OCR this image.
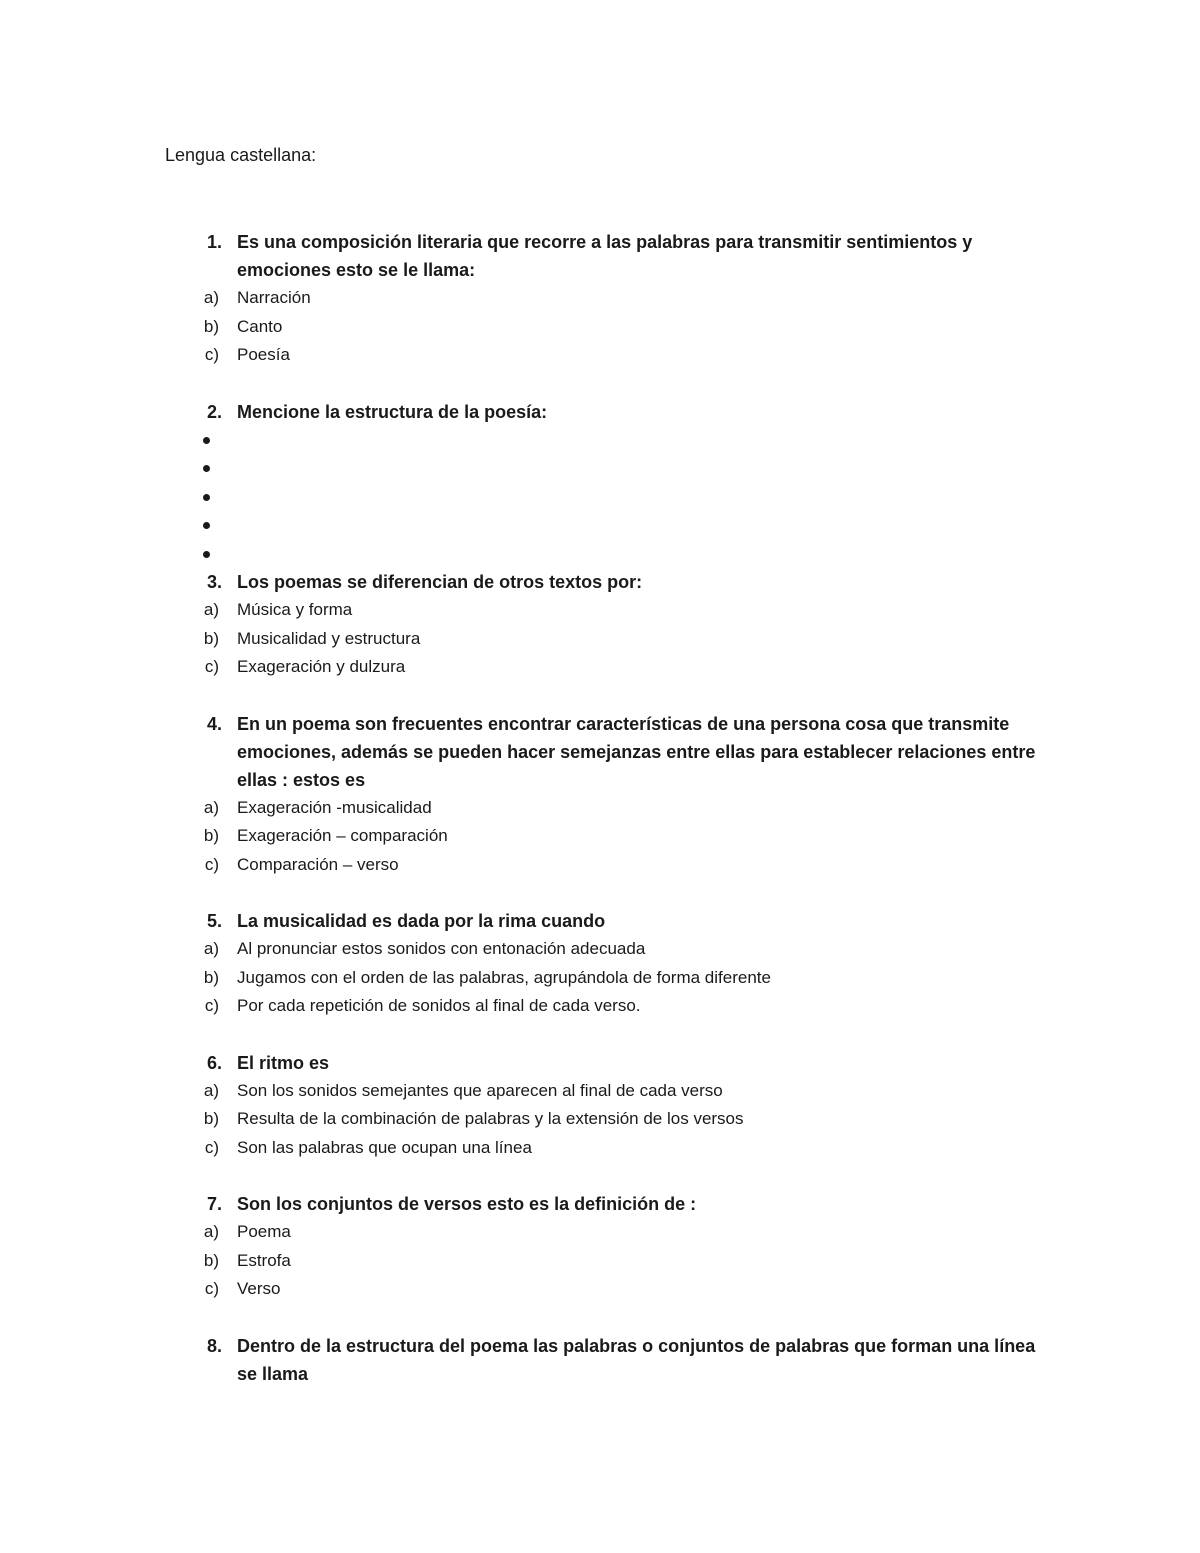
Lengua castellana:
1. Es una composición literaria que recorre a las palabras para transmitir sentimientos y emociones esto se le llama:
a) Narración
b) Canto
c) Poesía
2. Mencione la estructura de la poesía:
3. Los poemas se diferencian de otros textos por:
a) Música y forma
b) Musicalidad y estructura
c) Exageración y dulzura
4. En un poema son frecuentes encontrar características de una persona cosa que transmite emociones, además se pueden hacer semejanzas entre ellas para establecer relaciones entre ellas : estos es
a) Exageración -musicalidad
b) Exageración – comparación
c) Comparación – verso
5. La musicalidad es dada por la rima cuando
a) Al pronunciar estos sonidos con entonación adecuada
b) Jugamos con el orden de las palabras, agrupándola de forma diferente
c) Por cada repetición de sonidos al final de cada verso.
6. El ritmo es
a) Son los sonidos semejantes que aparecen al final de cada verso
b) Resulta de la combinación de palabras y la extensión de los versos
c) Son las palabras que ocupan una línea
7. Son los conjuntos de versos esto es la definición de :
a) Poema
b) Estrofa
c) Verso
8. Dentro de la estructura del poema las palabras o conjuntos de palabras que forman una línea se llama
